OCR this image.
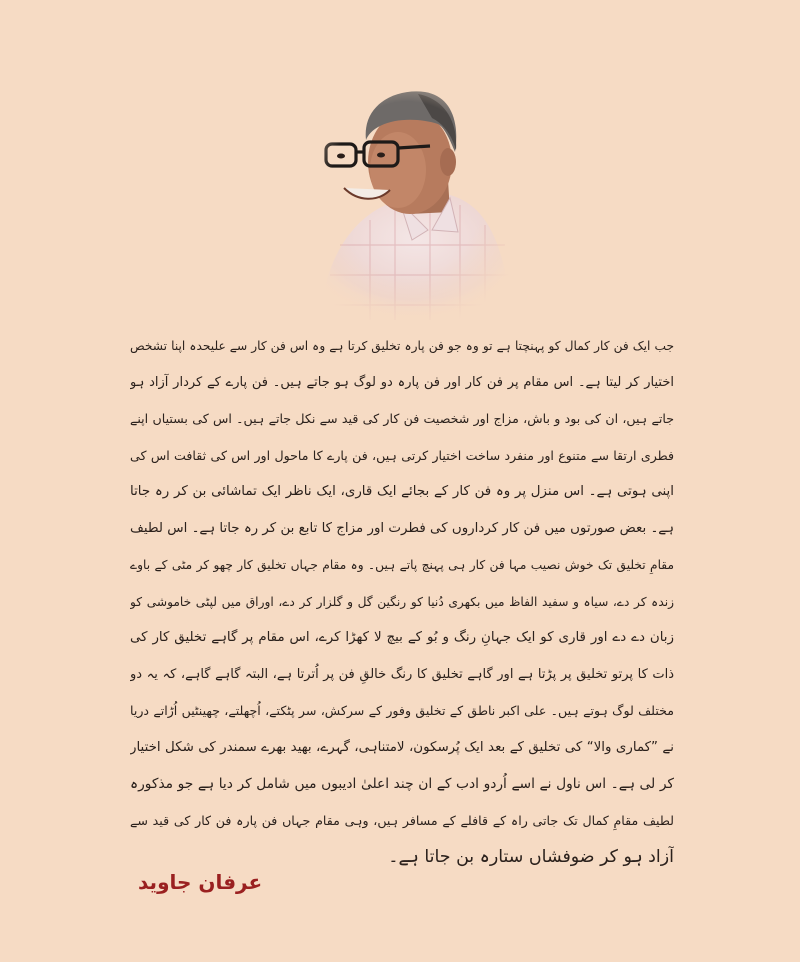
جب ایک فن کار کمال کو پہنچتا ہے تو وہ جو فن پارہ تخلیق کرتا ہے وہ اس فن کار سے علیحدہ اپنا تشخص
اختیار کر لیتا ہے۔ اس مقام پر فن کار اور فن پارہ دو لوگ ہو جاتے ہیں۔ فن پارے کے کردار آزاد ہو
جاتے ہیں، ان کی بود و باش، مزاج اور شخصیت فن کار کی قید سے نکل جاتے ہیں۔ اس کی بستیاں اپنے
فطری ارتقا سے متنوع اور منفرد ساخت اختیار کرتی ہیں، فن پارے کا ماحول اور اس کی ثقافت اس کی
اپنی ہوتی ہے۔ اس منزل پر وہ فن کار کے بجائے ایک قاری، ایک ناظر ایک تماشائی بن کر رہ جاتا
ہے۔ بعض صورتوں میں فن کار کرداروں کی فطرت اور مزاج کا تابع بن کر رہ جاتا ہے۔ اس لطیف
مقامِ تخلیق تک خوش نصیب مہا فن کار ہی پہنچ پاتے ہیں۔ وہ مقام جہاں تخلیق کار چھو کر مٹی کے باوے
زندہ کر دے، سیاہ و سفید الفاظ میں بکھری دُنیا کو رنگین گل و گلزار کر دے، اوراق میں لپٹی خاموشی کو
زبان دے دے اور قاری کو ایک جہانِ رنگ و بُو کے بیچ لا کھڑا کرے، اس مقام پر گاہے تخلیق کار کی
ذات کا پرتو تخلیق پر پڑتا ہے اور گاہے تخلیق کا رنگ خالقِ فن پر اُترتا ہے، البتہ گاہے گاہے، کہ یہ دو
مختلف لوگ ہوتے ہیں۔ علی اکبر ناطق کے تخلیق وفور کے سرکش، سر پٹکتے، اُچھلتے، چھینٹیں اُڑاتے دریا
نے ”کماری والا“ کی تخلیق کے بعد ایک پُرسکون، لامتناہی، گہرے، بھید بھرے سمندر کی شکل اختیار
کر لی ہے۔ اس ناول نے اسے اُردو ادب کے ان چند اعلیٰ ادیبوں میں شامل کر دیا ہے جو مذکورہ
لطیف مقامِ کمال تک جاتی راہ کے قافلے کے مسافر ہیں، وہی مقام جہاں فن پارہ فن کار کی قید سے
آزاد ہو کر ضوفشاں ستارہ بن جاتا ہے۔
عرفان جاوید
